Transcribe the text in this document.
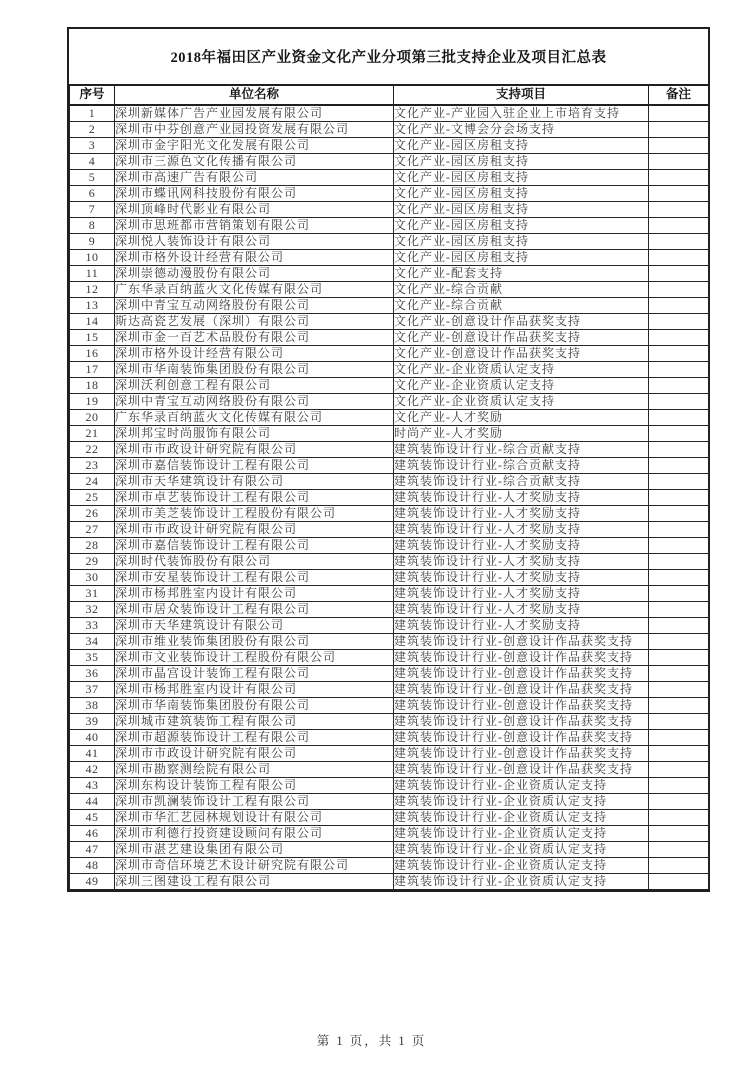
2018年福田区产业资金文化产业分项第三批支持企业及项目汇总表
序号	单位名称	支持项目	备注
1	深圳新媒体广告产业园发展有限公司	文化产业-产业园入驻企业上市培育支持	
2	深圳市中芬创意产业园投资发展有限公司	文化产业-文博会分会场支持	
3	深圳市金宇阳光文化发展有限公司	文化产业-园区房租支持	
4	深圳市三源色文化传播有限公司	文化产业-园区房租支持	
5	深圳市高速广告有限公司	文化产业-园区房租支持	
6	深圳市蝶讯网科技股份有限公司	文化产业-园区房租支持	
7	深圳顶峰时代影业有限公司	文化产业-园区房租支持	
8	深圳市思班都市营销策划有限公司	文化产业-园区房租支持	
9	深圳悦人装饰设计有限公司	文化产业-园区房租支持	
10	深圳市格外设计经营有限公司	文化产业-园区房租支持	
11	深圳崇德动漫股份有限公司	文化产业-配套支持	
12	广东华录百纳蓝火文化传媒有限公司	文化产业-综合贡献	
13	深圳中青宝互动网络股份有限公司	文化产业-综合贡献	
14	斯达高瓷艺发展（深圳）有限公司	文化产业-创意设计作品获奖支持	
15	深圳市金一百艺术品股份有限公司	文化产业-创意设计作品获奖支持	
16	深圳市格外设计经营有限公司	文化产业-创意设计作品获奖支持	
17	深圳市华南装饰集团股份有限公司	文化产业-企业资质认定支持	
18	深圳沃利创意工程有限公司	文化产业-企业资质认定支持	
19	深圳中青宝互动网络股份有限公司	文化产业-企业资质认定支持	
20	广东华录百纳蓝火文化传媒有限公司	文化产业-人才奖励	
21	深圳邦宝时尚服饰有限公司	时尚产业-人才奖励	
22	深圳市市政设计研究院有限公司	建筑装饰设计行业-综合贡献支持	
23	深圳市嘉信装饰设计工程有限公司	建筑装饰设计行业-综合贡献支持	
24	深圳市天华建筑设计有限公司	建筑装饰设计行业-综合贡献支持	
25	深圳市卓艺装饰设计工程有限公司	建筑装饰设计行业-人才奖励支持	
26	深圳市美芝装饰设计工程股份有限公司	建筑装饰设计行业-人才奖励支持	
27	深圳市市政设计研究院有限公司	建筑装饰设计行业-人才奖励支持	
28	深圳市嘉信装饰设计工程有限公司	建筑装饰设计行业-人才奖励支持	
29	深圳时代装饰股份有限公司	建筑装饰设计行业-人才奖励支持	
30	深圳市安星装饰设计工程有限公司	建筑装饰设计行业-人才奖励支持	
31	深圳市杨邦胜室内设计有限公司	建筑装饰设计行业-人才奖励支持	
32	深圳市居众装饰设计工程有限公司	建筑装饰设计行业-人才奖励支持	
33	深圳市天华建筑设计有限公司	建筑装饰设计行业-人才奖励支持	
34	深圳市维业装饰集团股份有限公司	建筑装饰设计行业-创意设计作品获奖支持	
35	深圳市文业装饰设计工程股份有限公司	建筑装饰设计行业-创意设计作品获奖支持	
36	深圳市晶宫设计装饰工程有限公司	建筑装饰设计行业-创意设计作品获奖支持	
37	深圳市杨邦胜室内设计有限公司	建筑装饰设计行业-创意设计作品获奖支持	
38	深圳市华南装饰集团股份有限公司	建筑装饰设计行业-创意设计作品获奖支持	
39	深圳城市建筑装饰工程有限公司	建筑装饰设计行业-创意设计作品获奖支持	
40	深圳市超源装饰设计工程有限公司	建筑装饰设计行业-创意设计作品获奖支持	
41	深圳市市政设计研究院有限公司	建筑装饰设计行业-创意设计作品获奖支持	
42	深圳市勘察测绘院有限公司	建筑装饰设计行业-创意设计作品获奖支持	
43	深圳东构设计装饰工程有限公司	建筑装饰设计行业-企业资质认定支持	
44	深圳市凯澜装饰设计工程有限公司	建筑装饰设计行业-企业资质认定支持	
45	深圳市华汇艺园林规划设计有限公司	建筑装饰设计行业-企业资质认定支持	
46	深圳市利德行投资建设顾问有限公司	建筑装饰设计行业-企业资质认定支持	
47	深圳市湛艺建设集团有限公司	建筑装饰设计行业-企业资质认定支持	
48	深圳市奇信环境艺术设计研究院有限公司	建筑装饰设计行业-企业资质认定支持	
49	深圳三图建设工程有限公司	建筑装饰设计行业-企业资质认定支持	
第 1 页，共 1 页
